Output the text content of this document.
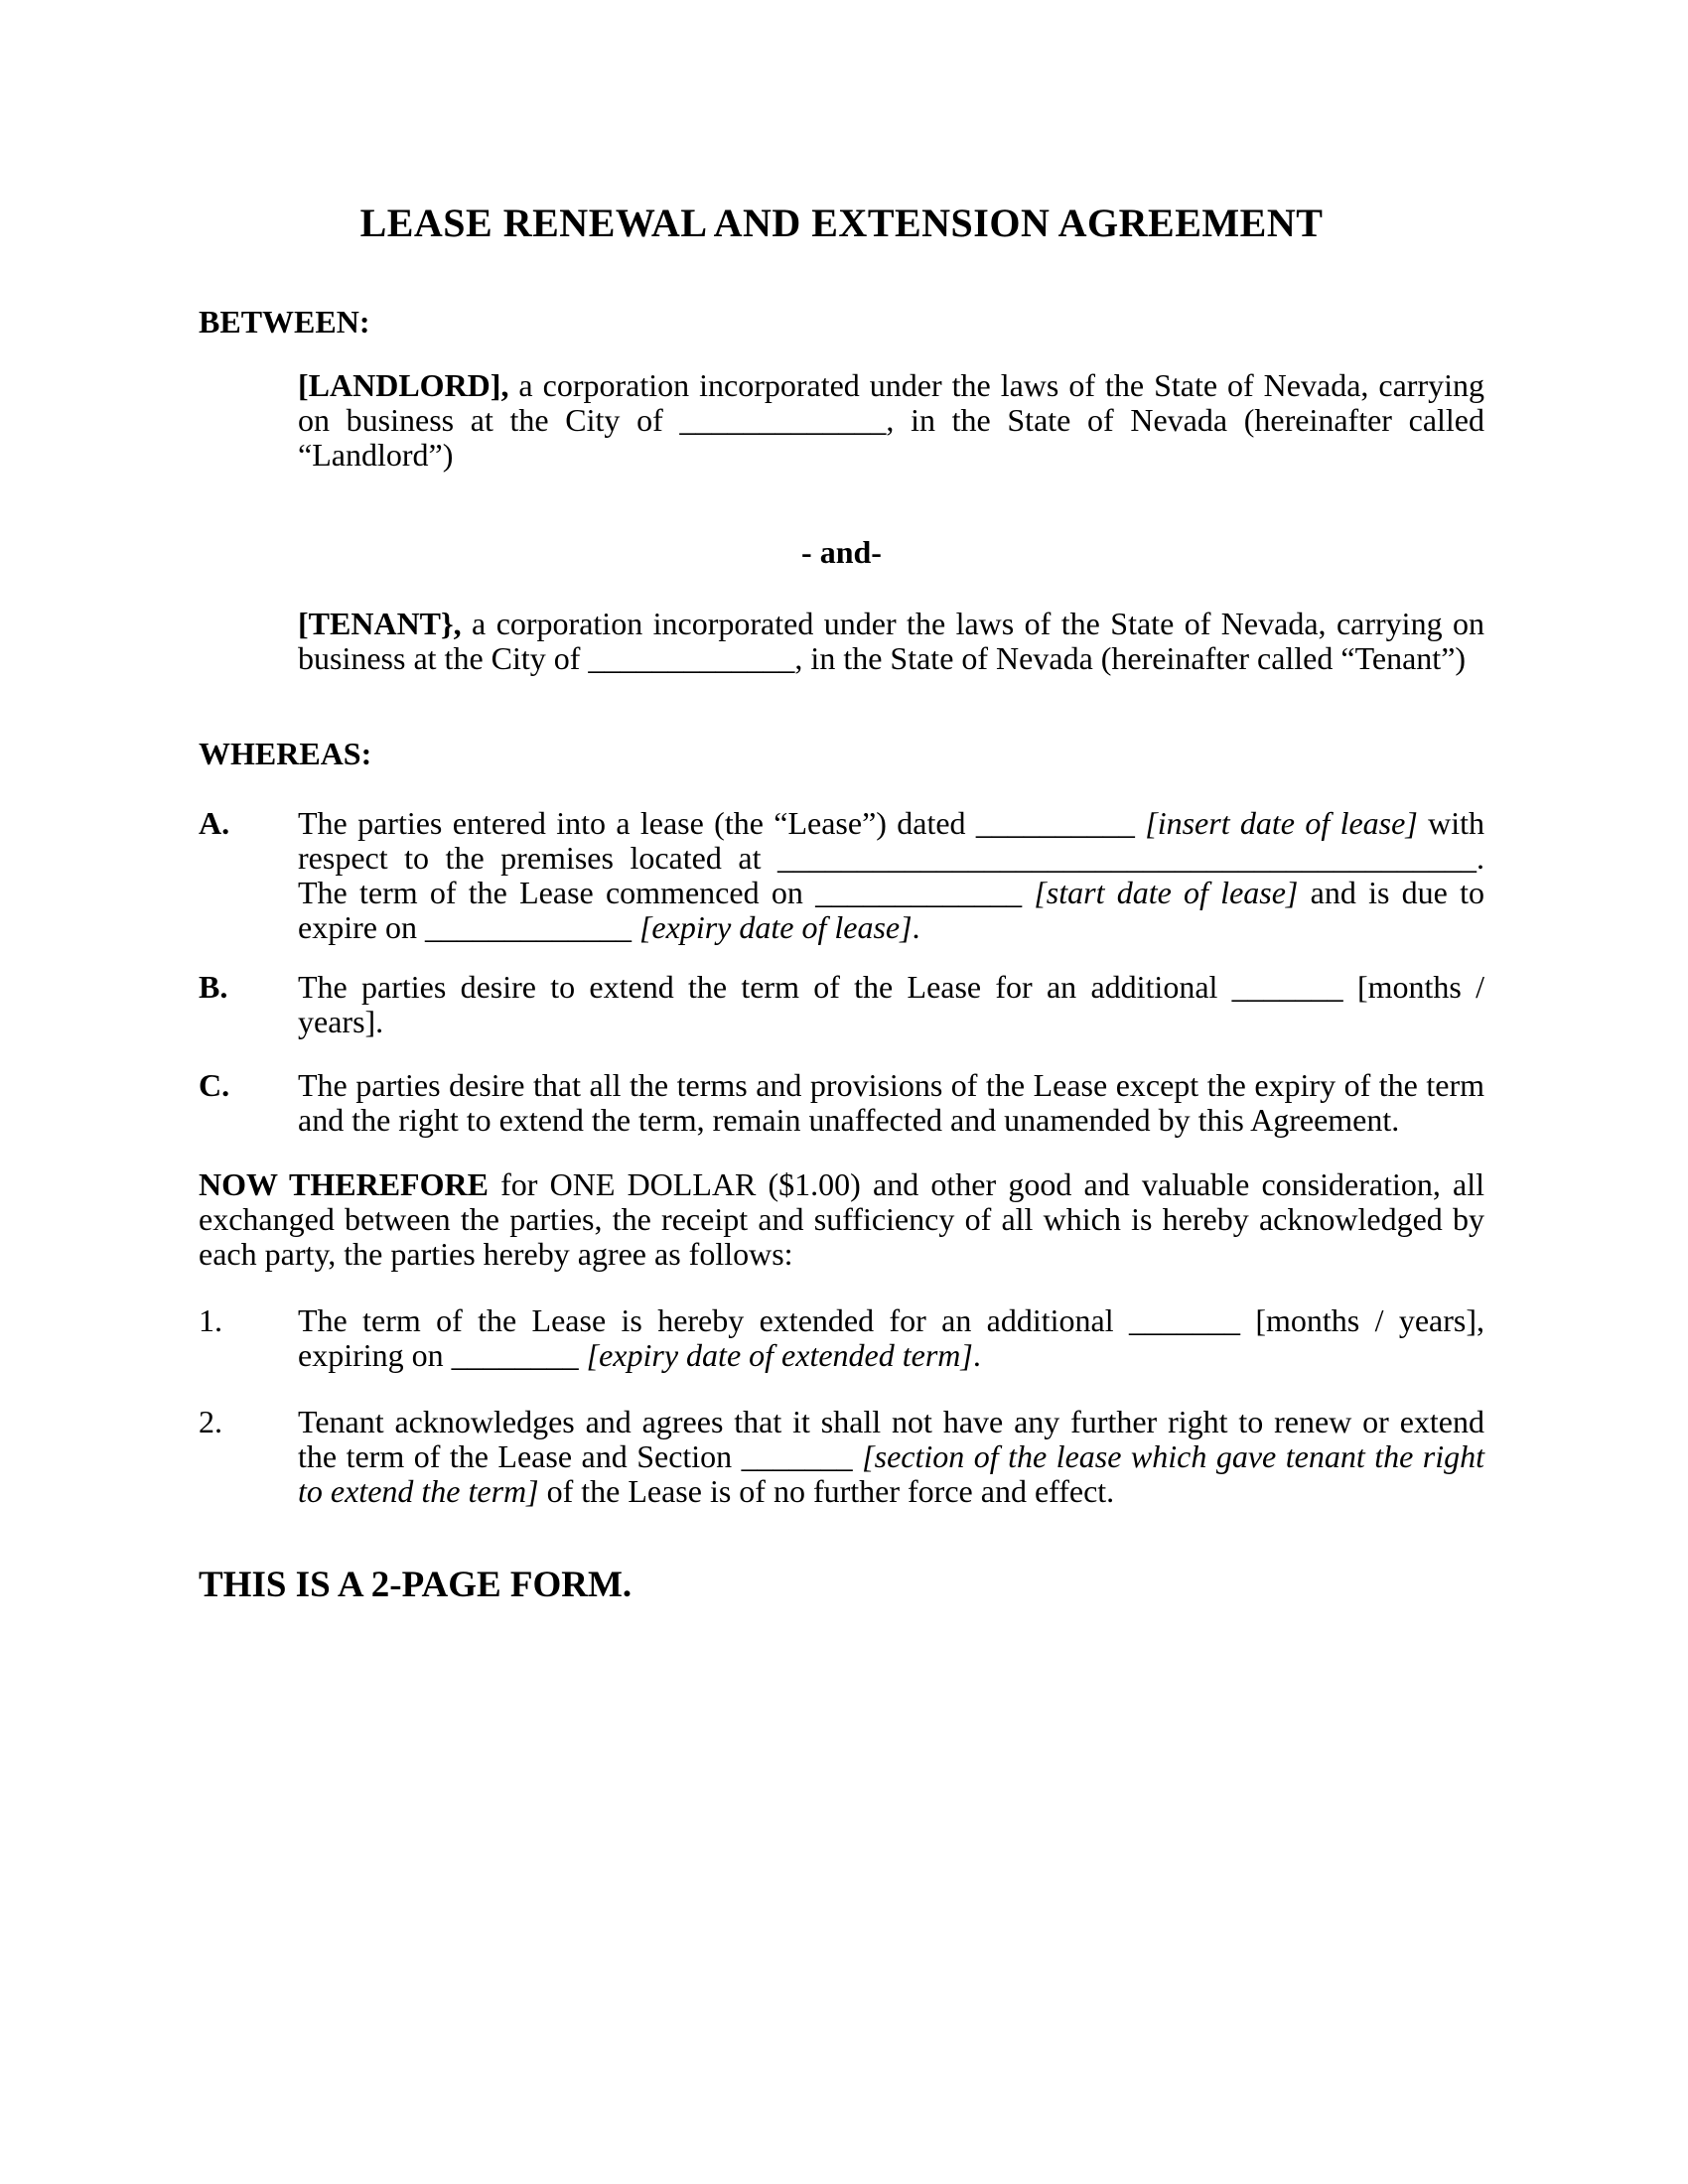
LEASE RENEWAL AND EXTENSION AGREEMENT
BETWEEN:

[LANDLORD], a corporation incorporated under the laws of the State of Nevada, carrying on business at the City of _____________, in the State of Nevada (hereinafter called “Landlord”)

- and-

[TENANT}, a corporation incorporated under the laws of the State of Nevada, carrying on business at the City of _____________, in the State of Nevada (hereinafter called “Tenant”)

WHEREAS:
A.	The parties entered into a lease (the “Lease”) dated __________ [insert date of lease] with respect to the premises located at ____________________________________________. The term of the Lease commenced on _____________ [start date of lease] and is due to expire on _____________ [expiry date of lease].
B.	The parties desire to extend the term of the Lease for an additional _______ [months / years].
C.	The parties desire that all the terms and provisions of the Lease except the expiry of the term and the right to extend the term, remain unaffected and unamended by this Agreement.

NOW THEREFORE for ONE DOLLAR ($1.00) and other good and valuable consideration, all exchanged between the parties, the receipt and sufficiency of all which is hereby acknowledged by each party, the parties hereby agree as follows:

1.	The term of the Lease is hereby extended for an additional _______ [months / years], expiring on ________ [expiry date of extended term].
2.	Tenant acknowledges and agrees that it shall not have any further right to renew or extend the term of the Lease and Section _______ [section of the lease which gave tenant the right to extend the term] of the Lease is of no further force and effect.
THIS IS A 2-PAGE FORM.
